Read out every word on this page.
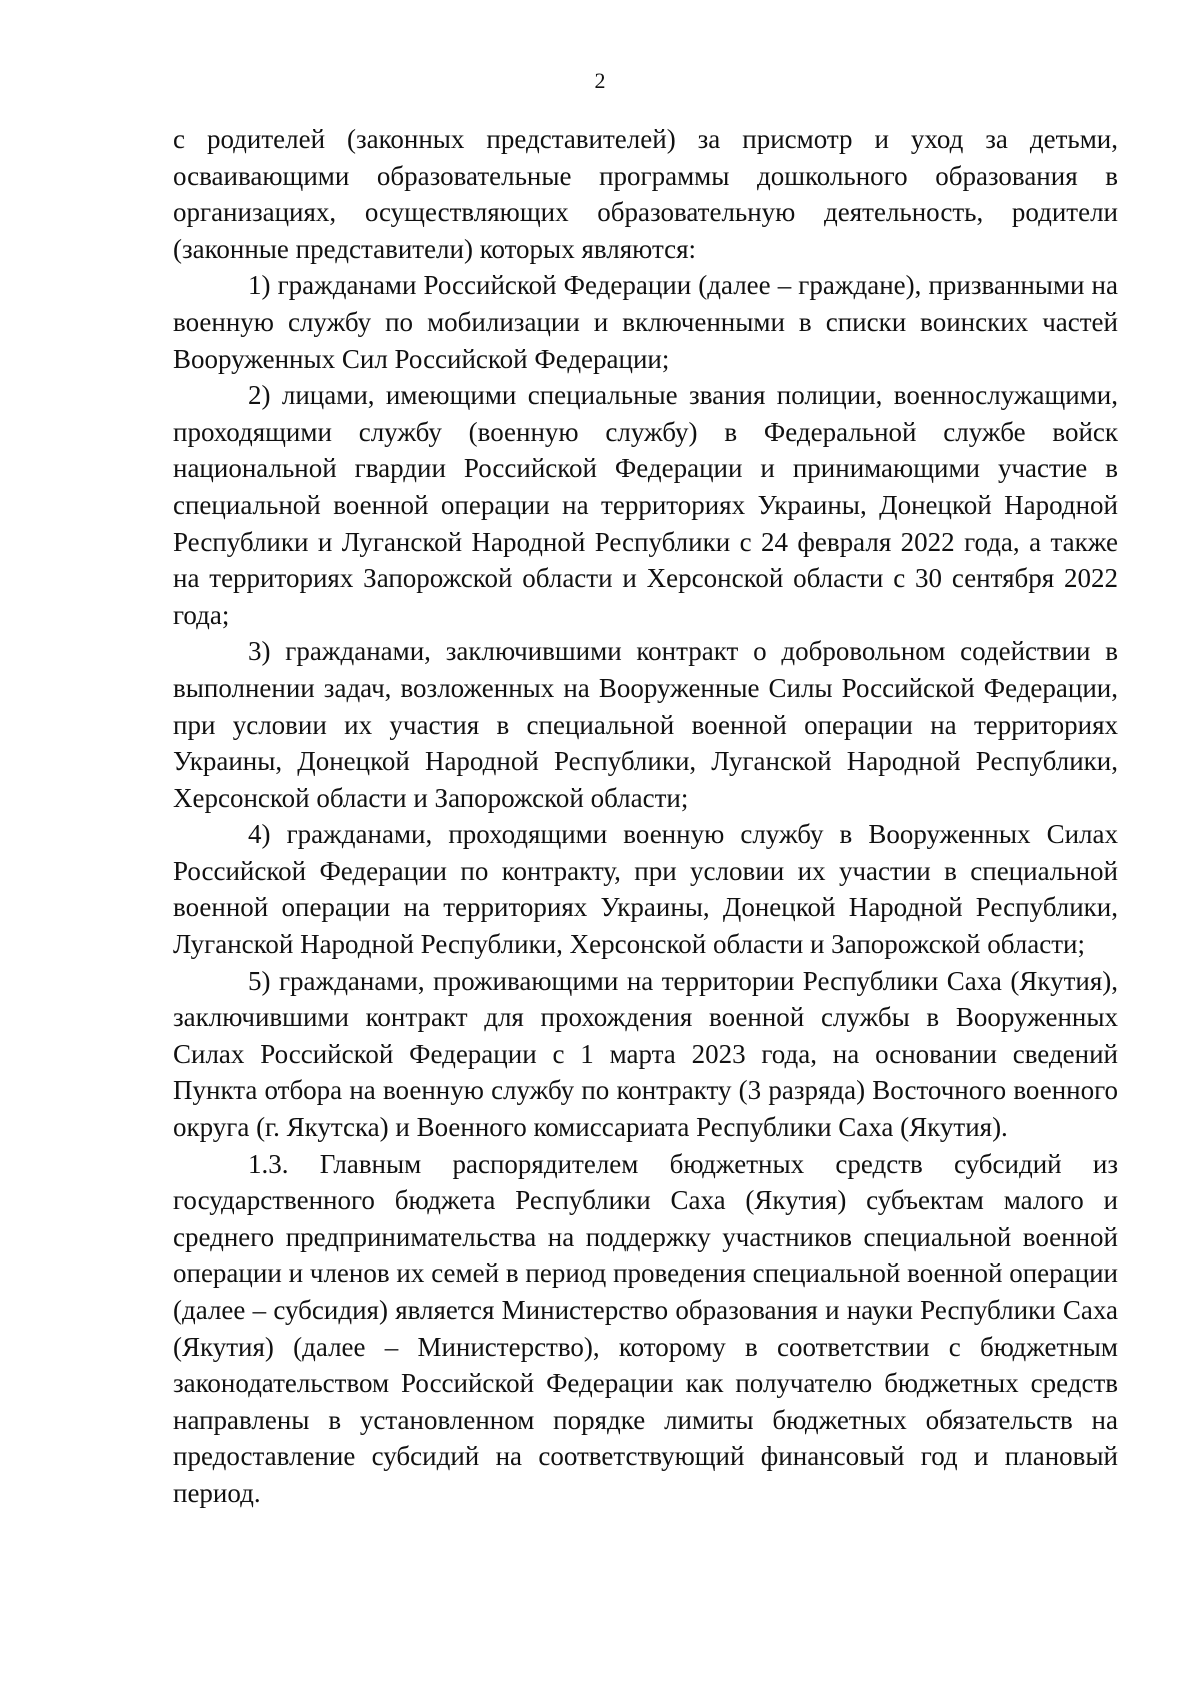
2

с родителей (законных представителей) за присмотр и уход за детьми, осваивающими образовательные программы дошкольного образования в организациях, осуществляющих образовательную деятельность, родители (законные представители) которых являются:

1) гражданами Российской Федерации (далее – граждане), призванными на военную службу по мобилизации и включенными в списки воинских частей Вооруженных Сил Российской Федерации;

2) лицами, имеющими специальные звания полиции, военнослужащими, проходящими службу (военную службу) в Федеральной службе войск национальной гвардии Российской Федерации и принимающими участие в специальной военной операции на территориях Украины, Донецкой Народной Республики и Луганской Народной Республики с 24 февраля 2022 года, а также на территориях Запорожской области и Херсонской области с 30 сентября 2022 года;

3) гражданами, заключившими контракт о добровольном содействии в выполнении задач, возложенных на Вооруженные Силы Российской Федерации, при условии их участия в специальной военной операции на территориях Украины, Донецкой Народной Республики, Луганской Народной Республики, Херсонской области и Запорожской области;

4) гражданами, проходящими военную службу в Вооруженных Силах Российской Федерации по контракту, при условии их участии в специальной военной операции на территориях Украины, Донецкой Народной Республики, Луганской Народной Республики, Херсонской области и Запорожской области;

5) гражданами, проживающими на территории Республики Саха (Якутия), заключившими контракт для прохождения военной службы в Вооруженных Силах Российской Федерации с 1 марта 2023 года, на основании сведений Пункта отбора на военную службу по контракту (3 разряда) Восточного военного округа (г. Якутска) и Военного комиссариата Республики Саха (Якутия).

1.3. Главным распорядителем бюджетных средств субсидий из государственного бюджета Республики Саха (Якутия) субъектам малого и среднего предпринимательства на поддержку участников специальной военной операции и членов их семей в период проведения специальной военной операции (далее – субсидия) является Министерство образования и науки Республики Саха (Якутия) (далее – Министерство), которому в соответствии с бюджетным законодательством Российской Федерации как получателю бюджетных средств направлены в установленном порядке лимиты бюджетных обязательств на предоставление субсидий на соответствующий финансовый год и плановый период.
